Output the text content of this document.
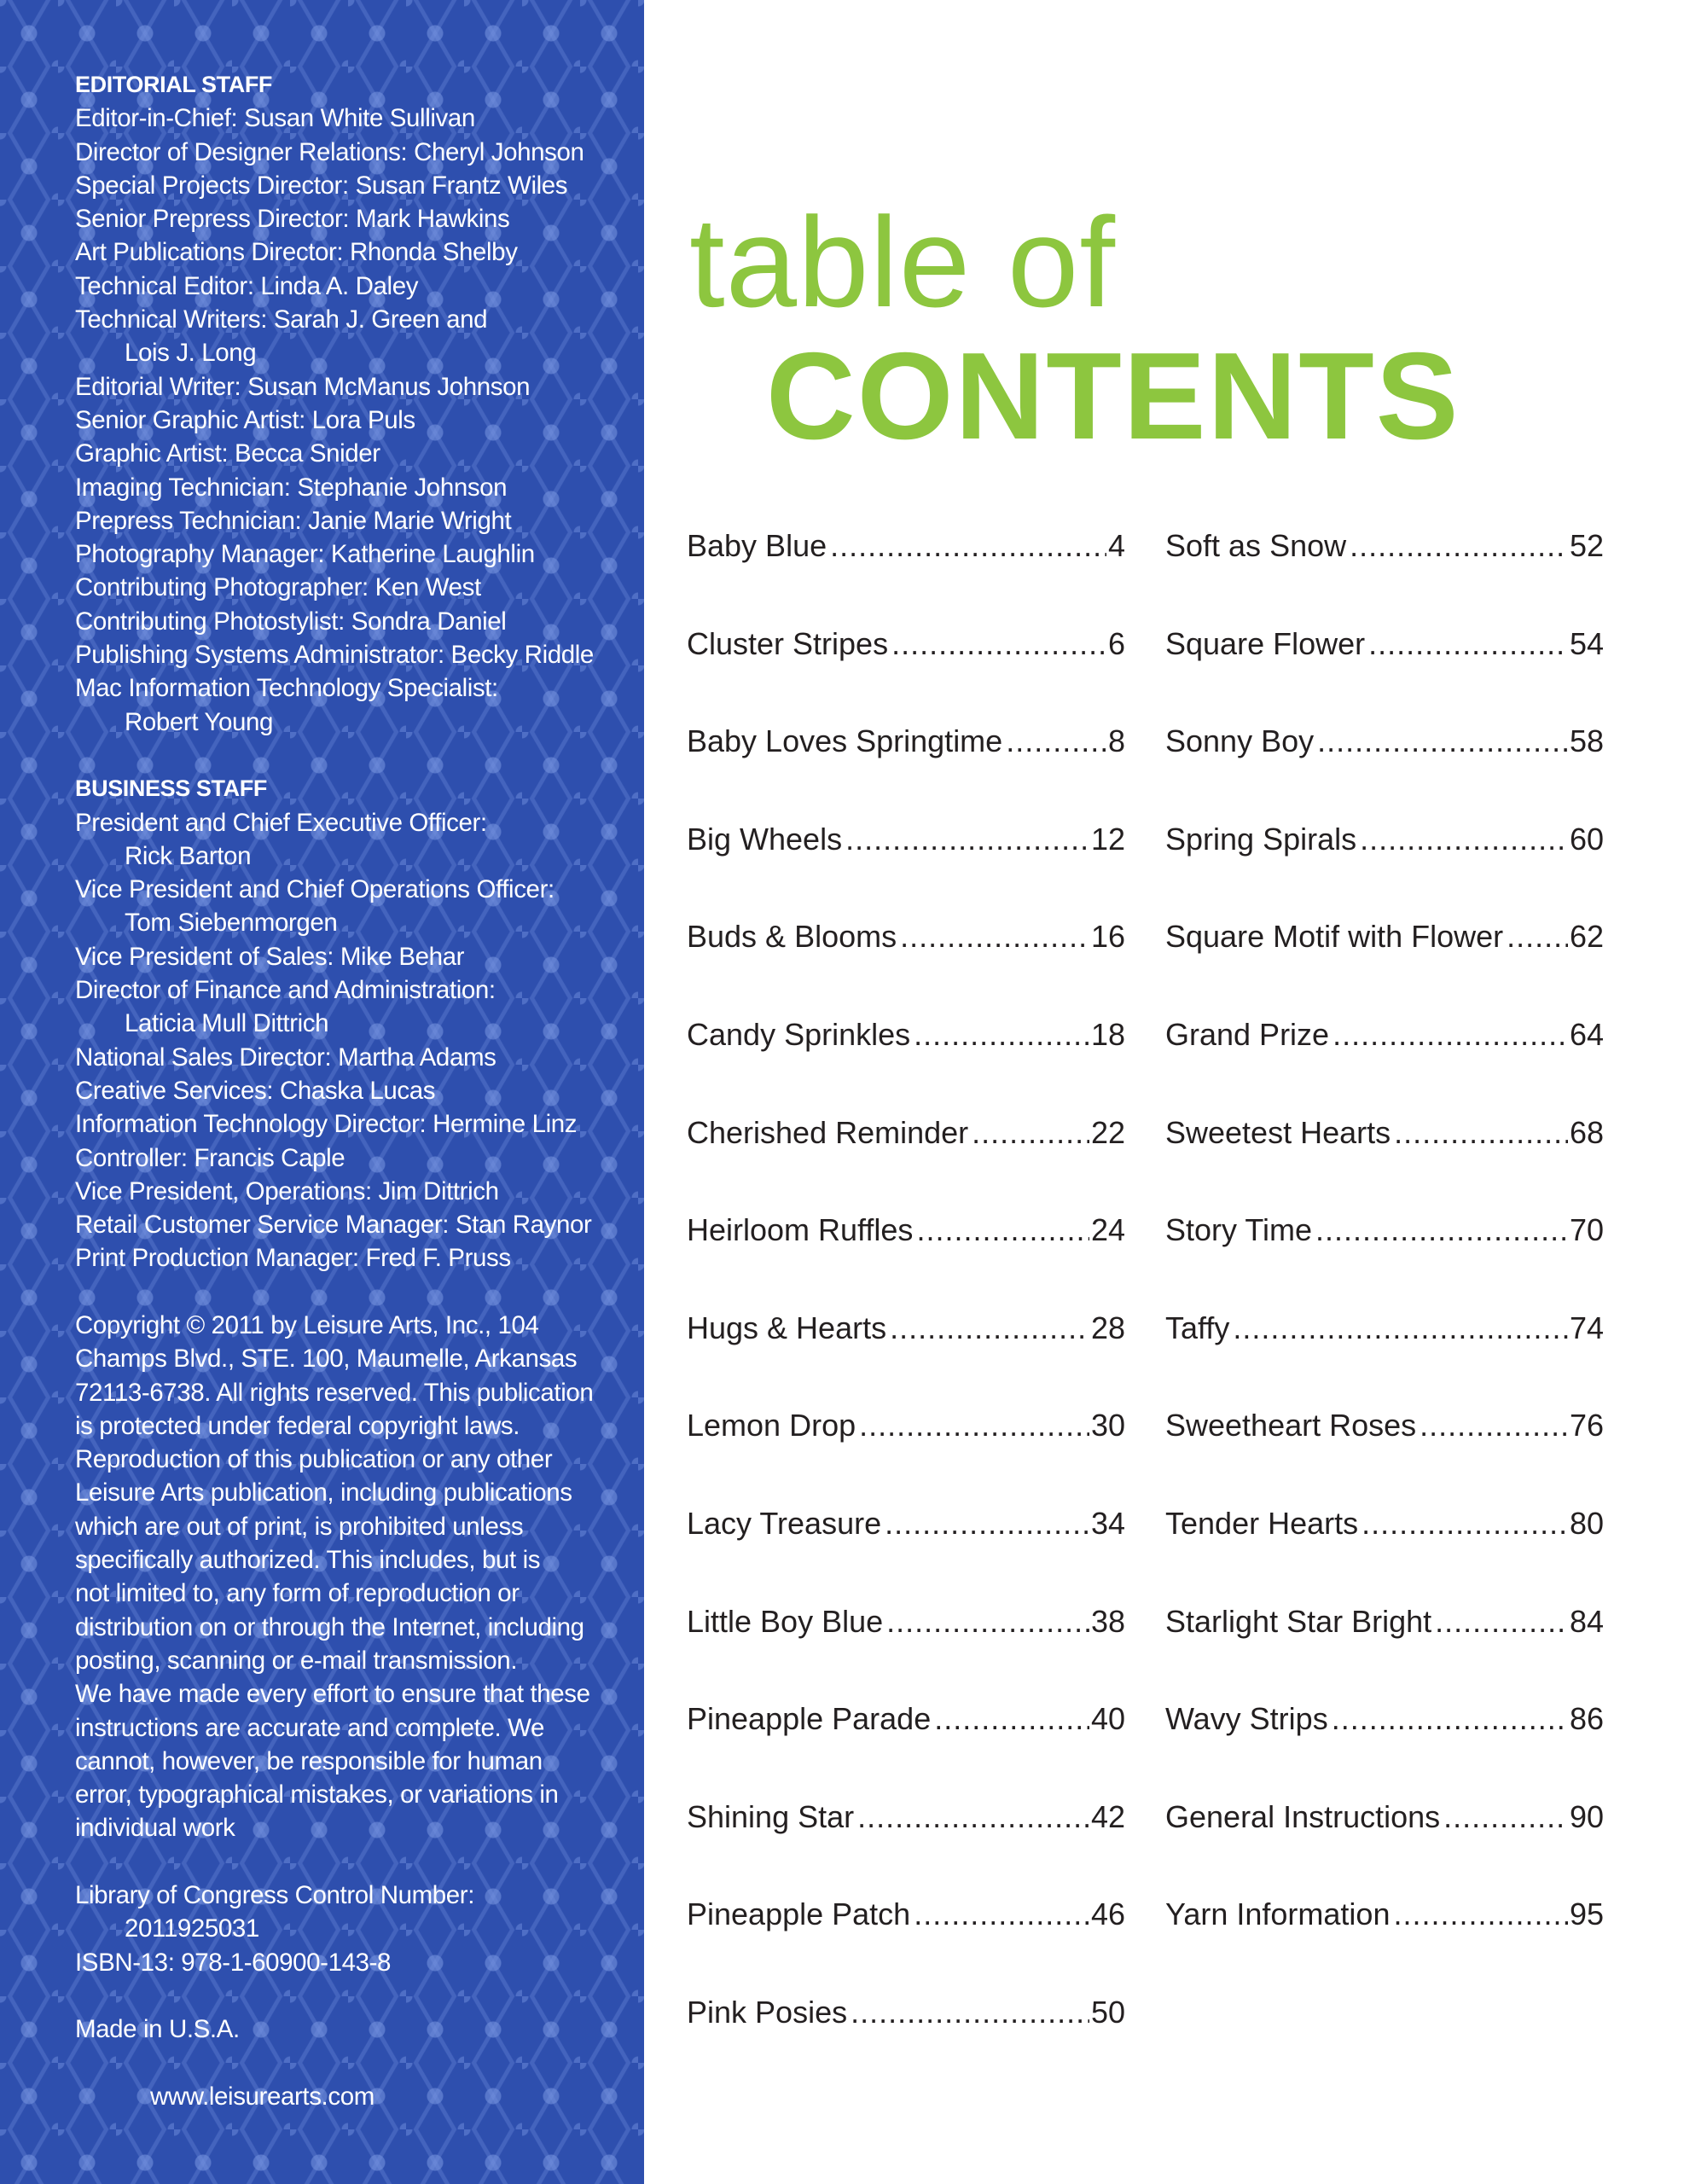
EDITORIAL STAFF
Editor-in-Chief: Susan White Sullivan
Director of Designer Relations: Cheryl Johnson
Special Projects Director: Susan Frantz Wiles
Senior Prepress Director: Mark Hawkins
Art Publications Director: Rhonda Shelby
Technical Editor: Linda A. Daley
Technical Writers: Sarah J. Green and
Lois J. Long
Editorial Writer: Susan McManus Johnson
Senior Graphic Artist: Lora Puls
Graphic Artist: Becca Snider
Imaging Technician: Stephanie Johnson
Prepress Technician: Janie Marie Wright
Photography Manager: Katherine Laughlin
Contributing Photographer: Ken West
Contributing Photostylist: Sondra Daniel
Publishing Systems Administrator: Becky Riddle
Mac Information Technology Specialist:
Robert Young
BUSINESS STAFF
President and Chief Executive Officer:
Rick Barton
Vice President and Chief Operations Officer:
Tom Siebenmorgen
Vice President of Sales: Mike Behar
Director of Finance and Administration:
Laticia Mull Dittrich
National Sales Director: Martha Adams
Creative Services: Chaska Lucas
Information Technology Director: Hermine Linz
Controller: Francis Caple
Vice President, Operations: Jim Dittrich
Retail Customer Service Manager: Stan Raynor
Print Production Manager: Fred F. Pruss
Copyright © 2011 by Leisure Arts, Inc., 104
Champs Blvd., STE. 100, Maumelle, Arkansas
72113-6738. All rights reserved. This publication
is protected under federal copyright laws.
Reproduction of this publication or any other
Leisure Arts publication, including publications
which are out of print, is prohibited unless
specifically authorized. This includes, but is
not limited to, any form of reproduction or
distribution on or through the Internet, including
posting, scanning or e-mail transmission.
We have made every effort to ensure that these
instructions are accurate and complete. We
cannot, however, be responsible for human
error, typographical mistakes, or variations in
individual work
Library of Congress Control Number:
2011925031
ISBN-13: 978-1-60900-143-8
Made in U.S.A.
www.leisurearts.com
table of
CONTENTS
Baby Blue .....	4
Cluster Stripes .....	6
Baby Loves Springtime .....	8
Big Wheels .....	12
Buds & Blooms .....	16
Candy Sprinkles .....	18
Cherished Reminder .....	22
Heirloom Ruffles .....	24
Hugs & Hearts .....	28
Lemon Drop .....	30
Lacy Treasure .....	34
Little Boy Blue .....	38
Pineapple Parade .....	40
Shining Star .....	42
Pineapple Patch .....	46
Pink Posies .....	50
Soft as Snow .....	52
Square Flower .....	54
Sonny Boy .....	58
Spring Spirals .....	60
Square Motif with Flower ..... 62
Grand Prize .....	64
Sweetest Hearts .....	68
Story Time .....	70
Taffy .....	74
Sweetheart Roses .....	76
Tender Hearts .....	80
Starlight Star Bright .....	84
Wavy Strips .....	86
General Instructions .....	90
Yarn Information .....	95
